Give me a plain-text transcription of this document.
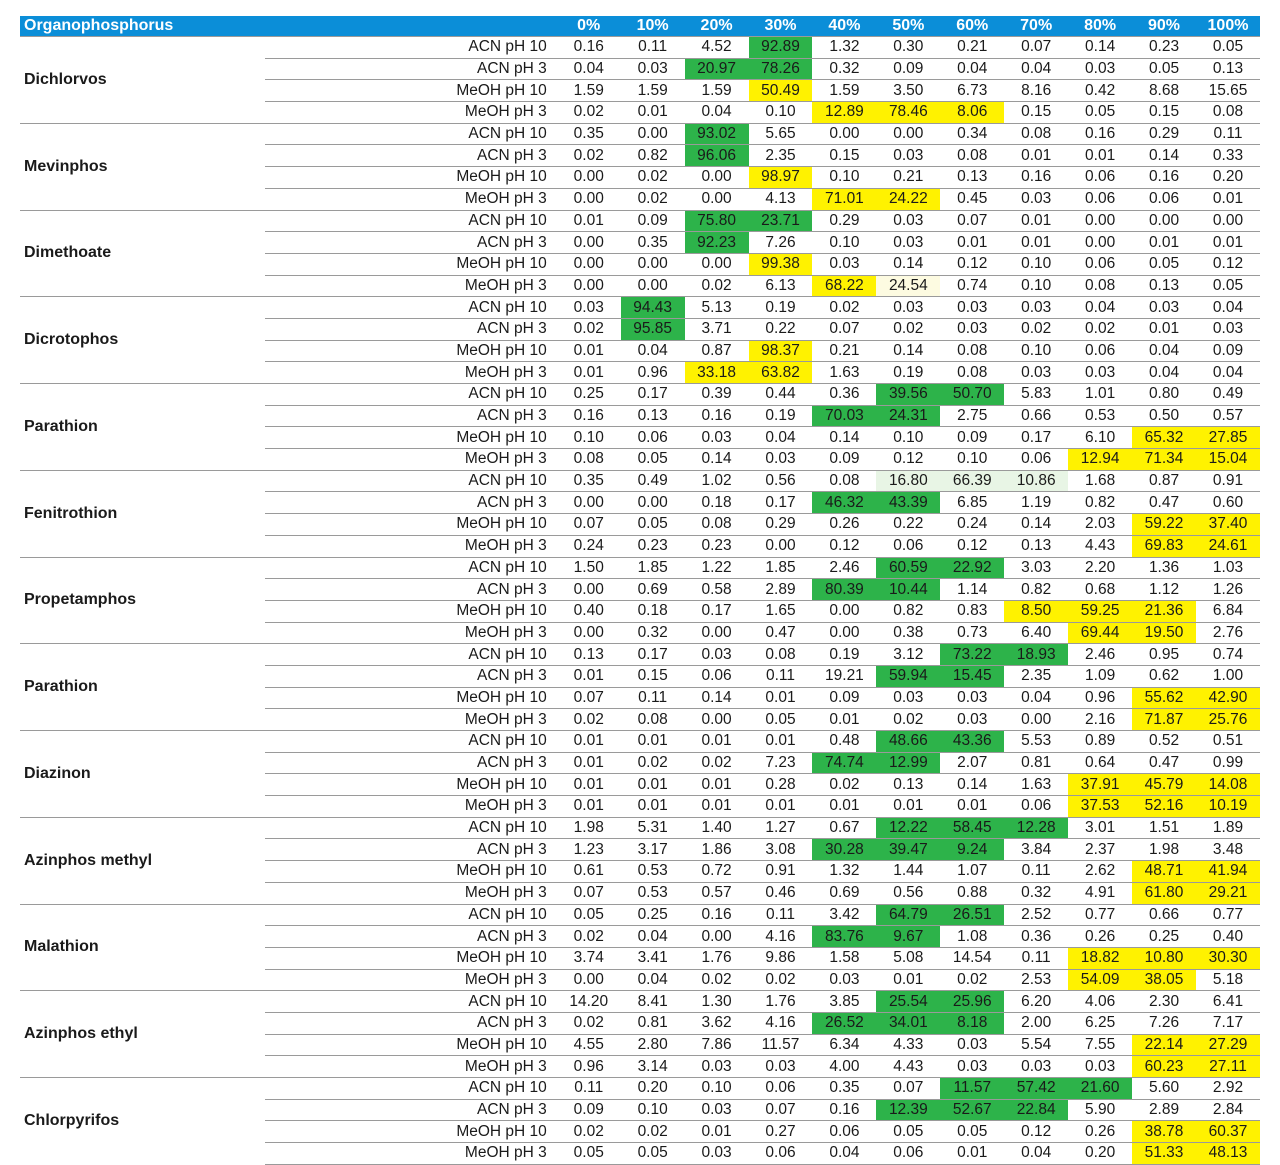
Organophosphorus		0%	10%	20%	30%	40%	50%	60%	70%	80%	90%	100%
Dichlorvos	ACN pH 10	0.16	0.11	4.52	92.89	1.32	0.30	0.21	0.07	0.14	0.23	0.05
	ACN pH 3	0.04	0.03	20.97	78.26	0.32	0.09	0.04	0.04	0.03	0.05	0.13
	MeOH pH 10	1.59	1.59	1.59	50.49	1.59	3.50	6.73	8.16	0.42	8.68	15.65
	MeOH pH 3	0.02	0.01	0.04	0.10	12.89	78.46	8.06	0.15	0.05	0.15	0.08
Mevinphos	ACN pH 10	0.35	0.00	93.02	5.65	0.00	0.00	0.34	0.08	0.16	0.29	0.11
	ACN pH 3	0.02	0.82	96.06	2.35	0.15	0.03	0.08	0.01	0.01	0.14	0.33
	MeOH pH 10	0.00	0.02	0.00	98.97	0.10	0.21	0.13	0.16	0.06	0.16	0.20
	MeOH pH 3	0.00	0.02	0.00	4.13	71.01	24.22	0.45	0.03	0.06	0.06	0.01
Dimethoate	ACN pH 10	0.01	0.09	75.80	23.71	0.29	0.03	0.07	0.01	0.00	0.00	0.00
	ACN pH 3	0.00	0.35	92.23	7.26	0.10	0.03	0.01	0.01	0.00	0.01	0.01
	MeOH pH 10	0.00	0.00	0.00	99.38	0.03	0.14	0.12	0.10	0.06	0.05	0.12
	MeOH pH 3	0.00	0.00	0.02	6.13	68.22	24.54	0.74	0.10	0.08	0.13	0.05
Dicrotophos	ACN pH 10	0.03	94.43	5.13	0.19	0.02	0.03	0.03	0.03	0.04	0.03	0.04
	ACN pH 3	0.02	95.85	3.71	0.22	0.07	0.02	0.03	0.02	0.02	0.01	0.03
	MeOH pH 10	0.01	0.04	0.87	98.37	0.21	0.14	0.08	0.10	0.06	0.04	0.09
	MeOH pH 3	0.01	0.96	33.18	63.82	1.63	0.19	0.08	0.03	0.03	0.04	0.04
Parathion	ACN pH 10	0.25	0.17	0.39	0.44	0.36	39.56	50.70	5.83	1.01	0.80	0.49
	ACN pH 3	0.16	0.13	0.16	0.19	70.03	24.31	2.75	0.66	0.53	0.50	0.57
	MeOH pH 10	0.10	0.06	0.03	0.04	0.14	0.10	0.09	0.17	6.10	65.32	27.85
	MeOH pH 3	0.08	0.05	0.14	0.03	0.09	0.12	0.10	0.06	12.94	71.34	15.04
Fenitrothion	ACN pH 10	0.35	0.49	1.02	0.56	0.08	16.80	66.39	10.86	1.68	0.87	0.91
	ACN pH 3	0.00	0.00	0.18	0.17	46.32	43.39	6.85	1.19	0.82	0.47	0.60
	MeOH pH 10	0.07	0.05	0.08	0.29	0.26	0.22	0.24	0.14	2.03	59.22	37.40
	MeOH pH 3	0.24	0.23	0.23	0.00	0.12	0.06	0.12	0.13	4.43	69.83	24.61
Propetamphos	ACN pH 10	1.50	1.85	1.22	1.85	2.46	60.59	22.92	3.03	2.20	1.36	1.03
	ACN pH 3	0.00	0.69	0.58	2.89	80.39	10.44	1.14	0.82	0.68	1.12	1.26
	MeOH pH 10	0.40	0.18	0.17	1.65	0.00	0.82	0.83	8.50	59.25	21.36	6.84
	MeOH pH 3	0.00	0.32	0.00	0.47	0.00	0.38	0.73	6.40	69.44	19.50	2.76
Parathion	ACN pH 10	0.13	0.17	0.03	0.08	0.19	3.12	73.22	18.93	2.46	0.95	0.74
	ACN pH 3	0.01	0.15	0.06	0.11	19.21	59.94	15.45	2.35	1.09	0.62	1.00
	MeOH pH 10	0.07	0.11	0.14	0.01	0.09	0.03	0.03	0.04	0.96	55.62	42.90
	MeOH pH 3	0.02	0.08	0.00	0.05	0.01	0.02	0.03	0.00	2.16	71.87	25.76
Diazinon	ACN pH 10	0.01	0.01	0.01	0.01	0.48	48.66	43.36	5.53	0.89	0.52	0.51
	ACN pH 3	0.01	0.02	0.02	7.23	74.74	12.99	2.07	0.81	0.64	0.47	0.99
	MeOH pH 10	0.01	0.01	0.01	0.28	0.02	0.13	0.14	1.63	37.91	45.79	14.08
	MeOH pH 3	0.01	0.01	0.01	0.01	0.01	0.01	0.01	0.06	37.53	52.16	10.19
Azinphos methyl	ACN pH 10	1.98	5.31	1.40	1.27	0.67	12.22	58.45	12.28	3.01	1.51	1.89
	ACN pH 3	1.23	3.17	1.86	3.08	30.28	39.47	9.24	3.84	2.37	1.98	3.48
	MeOH pH 10	0.61	0.53	0.72	0.91	1.32	1.44	1.07	0.11	2.62	48.71	41.94
	MeOH pH 3	0.07	0.53	0.57	0.46	0.69	0.56	0.88	0.32	4.91	61.80	29.21
Malathion	ACN pH 10	0.05	0.25	0.16	0.11	3.42	64.79	26.51	2.52	0.77	0.66	0.77
	ACN pH 3	0.02	0.04	0.00	4.16	83.76	9.67	1.08	0.36	0.26	0.25	0.40
	MeOH pH 10	3.74	3.41	1.76	9.86	1.58	5.08	14.54	0.11	18.82	10.80	30.30
	MeOH pH 3	0.00	0.04	0.02	0.02	0.03	0.01	0.02	2.53	54.09	38.05	5.18
Azinphos ethyl	ACN pH 10	14.20	8.41	1.30	1.76	3.85	25.54	25.96	6.20	4.06	2.30	6.41
	ACN pH 3	0.02	0.81	3.62	4.16	26.52	34.01	8.18	2.00	6.25	7.26	7.17
	MeOH pH 10	4.55	2.80	7.86	11.57	6.34	4.33	0.03	5.54	7.55	22.14	27.29
	MeOH pH 3	0.96	3.14	0.03	0.03	4.00	4.43	0.03	0.03	0.03	60.23	27.11
Chlorpyrifos	ACN pH 10	0.11	0.20	0.10	0.06	0.35	0.07	11.57	57.42	21.60	5.60	2.92
	ACN pH 3	0.09	0.10	0.03	0.07	0.16	12.39	52.67	22.84	5.90	2.89	2.84
	MeOH pH 10	0.02	0.02	0.01	0.27	0.06	0.05	0.05	0.12	0.26	38.78	60.37
	MeOH pH 3	0.05	0.05	0.03	0.06	0.04	0.06	0.01	0.04	0.20	51.33	48.13
